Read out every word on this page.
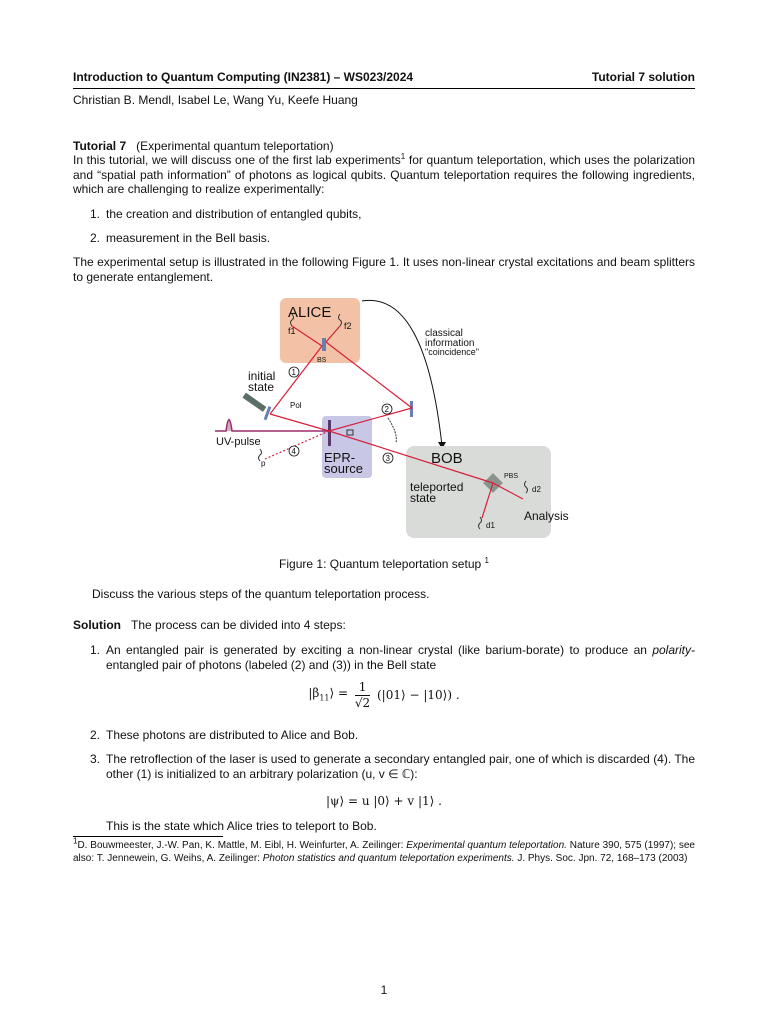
Introduction to Quantum Computing (IN2381) – WS023/2024	Tutorial 7 solution
Christian B. Mendl, Isabel Le, Wang Yu, Keefe Huang
Tutorial 7 (Experimental quantum teleportation)
In this tutorial, we will discuss one of the first lab experiments$^1$ for quantum teleportation, which uses the polarization and “spatial path information” of photons as logical qubits. Quantum teleportation requires the following ingredients, which are challenging to realize experimentally:
1. the creation and distribution of entangled qubits,
2. measurement in the Bell basis.
The experimental setup is illustrated in the following Figure 1. It uses non-linear crystal excitations and beam splitters to generate entanglement.
ALICE
f1	f2
BS
classical
information
"coincidence"
BOB
teleported
state
PBS
Analysis
d2
d1
EPR-
source
initial
state
Pol
UV-pulse
p
1
2
3
4
Figure 1: Quantum teleportation setup $^1$
Discuss the various steps of the quantum teleportation process.
Solution The process can be divided into 4 steps:
1. An entangled pair is generated by exciting a non-linear crystal (like barium-borate) to produce an polarity-entangled pair of photons (labeled (2) and (3)) in the Bell state
$|\beta_{11}⟩ = \frac{1}{√2}$ (|01⟩ − |10⟩) .
2. These photons are distributed to Alice and Bob.
3. The retroflection of the laser is used to generate a secondary entangled pair, one of which is discarded (4). The other (1) is initialized to an arbitrary polarization (u, v ∈ ℂ):
|ψ⟩ = u |0⟩ + v |1⟩ .
This is the state which Alice tries to teleport to Bob.
$^1$D. Bouwmeester, J.-W. Pan, K. Mattle, M. Eibl, H. Weinfurter, A. Zeilinger: Experimental quantum teleportation. Nature 390, 575 (1997); see also: T. Jennewein, G. Weihs, A. Zeilinger: Photon statistics and quantum teleportation experiments. J. Phys. Soc. Jpn. 72, 168–173 (2003)
1
